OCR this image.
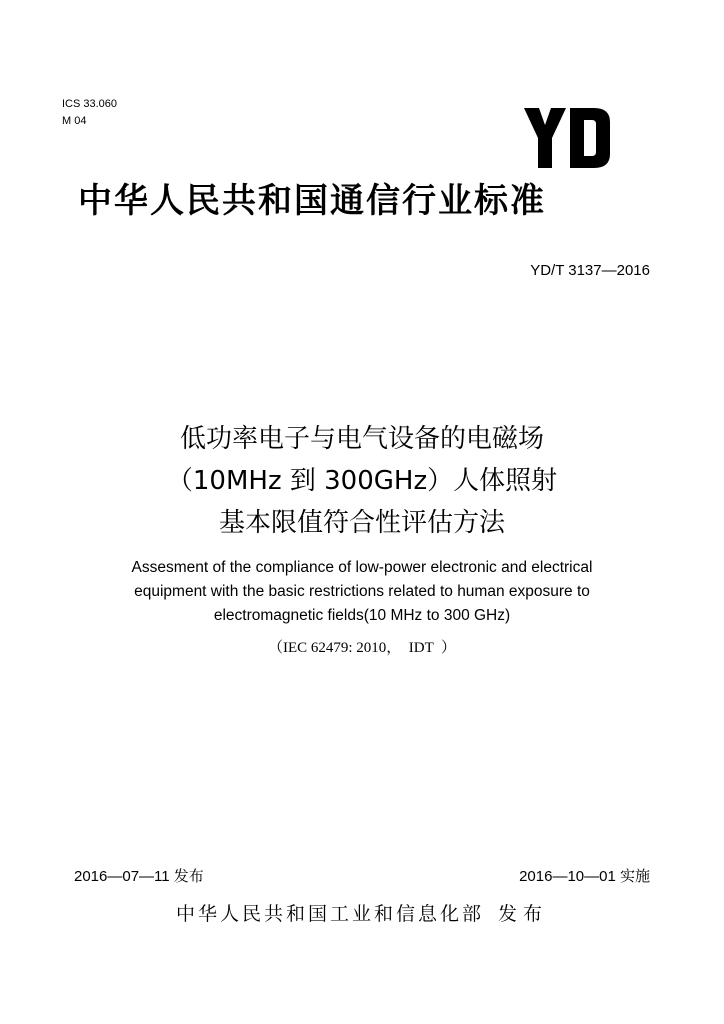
ICS 33.060
M 04
中华人民共和国通信行业标准
YD/T 3137—2016
低功率电子与电气设备的电磁场
（10MHz 到 300GHz）人体照射
基本限值符合性评估方法
Assesment of the compliance of low-power electronic and electrical
equipment with the basic restrictions related to human exposure to
electromagnetic fields(10 MHz to 300 GHz)
（IEC 62479: 2010，  IDT  ）
2016—07—11 发布	2016—10—01 实施
中华人民共和国工业和信息化部 发布
